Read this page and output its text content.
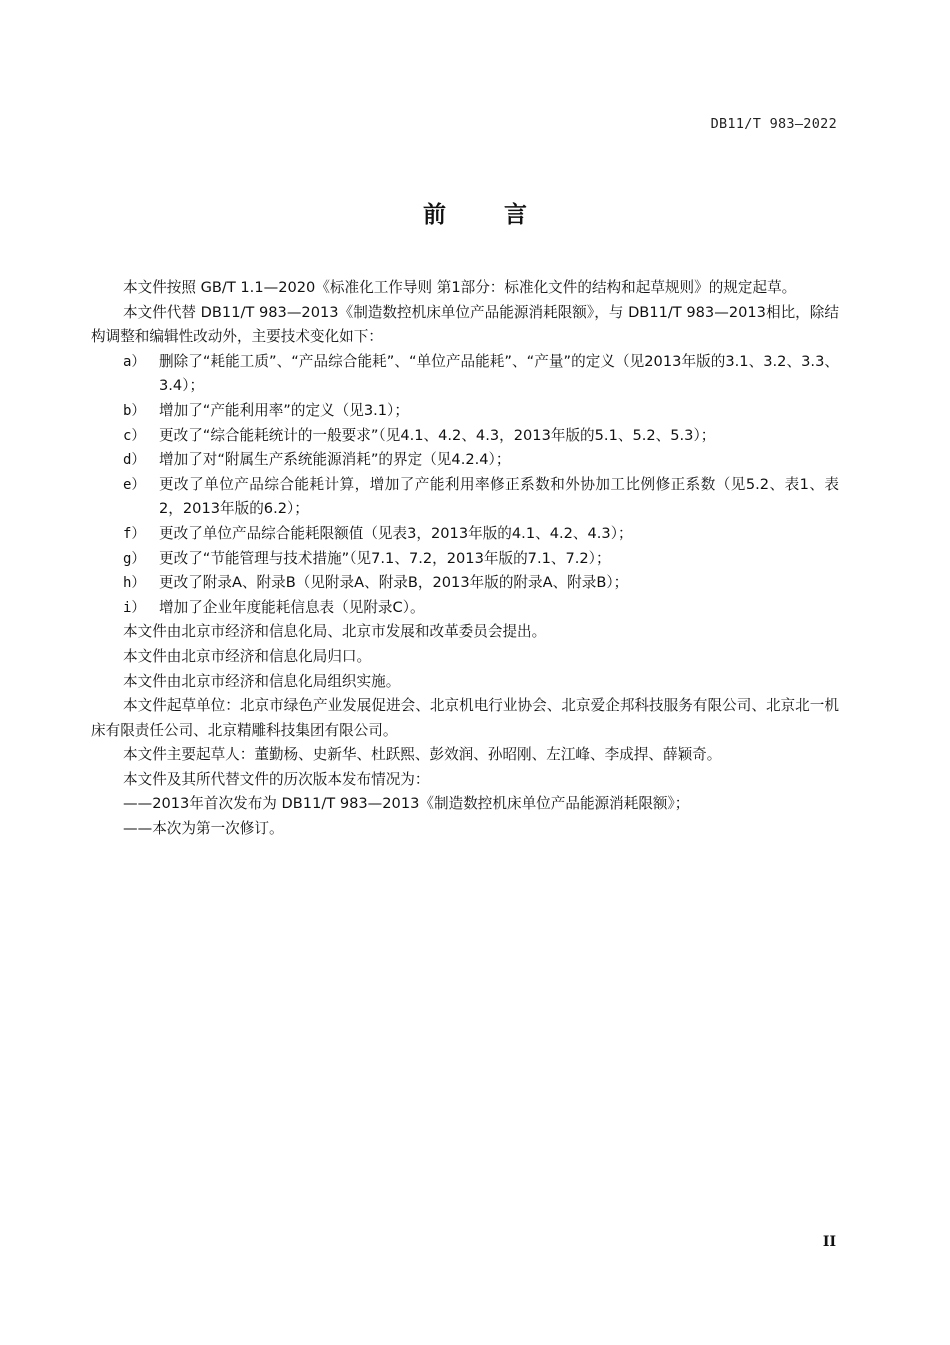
DB11/T 983—2022
前言

本文件按照 GB/T 1.1—2020《标准化工作导则 第1部分：标准化文件的结构和起草规则》的规定起草。

本文件代替 DB11/T 983—2013《制造数控机床单位产品能源消耗限额》，与 DB11/T 983—2013相比，除结构调整和编辑性改动外，主要技术变化如下：

a） 删除了“耗能工质”、“产品综合能耗”、“单位产品能耗”、“产量”的定义（见2013年版的3.1、3.2、3.3、3.4）；
b） 增加了“产能利用率”的定义（见3.1）；
c） 更改了“综合能耗统计的一般要求”（见4.1、4.2、4.3，2013年版的5.1、5.2、5.3）；
d） 增加了对“附属生产系统能源消耗”的界定（见4.2.4）；
e） 更改了单位产品综合能耗计算，增加了产能利用率修正系数和外协加工比例修正系数（见5.2、表1、表2，2013年版的6.2）；
f） 更改了单位产品综合能耗限额值（见表3，2013年版的4.1、4.2、4.3）；
g） 更改了“节能管理与技术措施”（见7.1、7.2，2013年版的7.1、7.2）；
h） 更改了附录A、附录B（见附录A、附录B，2013年版的附录A、附录B）；
i） 增加了企业年度能耗信息表（见附录C）。

本文件由北京市经济和信息化局、北京市发展和改革委员会提出。

本文件由北京市经济和信息化局归口。

本文件由北京市经济和信息化局组织实施。

本文件起草单位：北京市绿色产业发展促进会、北京机电行业协会、北京爱企邦科技服务有限公司、北京北一机床有限责任公司、北京精雕科技集团有限公司。

本文件主要起草人：董勤杨、史新华、杜跃熙、彭效润、孙昭刚、左江峰、李成捍、薛颖奇。

本文件及其所代替文件的历次版本发布情况为：

——2013年首次发布为 DB11/T 983—2013《制造数控机床单位产品能源消耗限额》；

——本次为第一次修订。

II
